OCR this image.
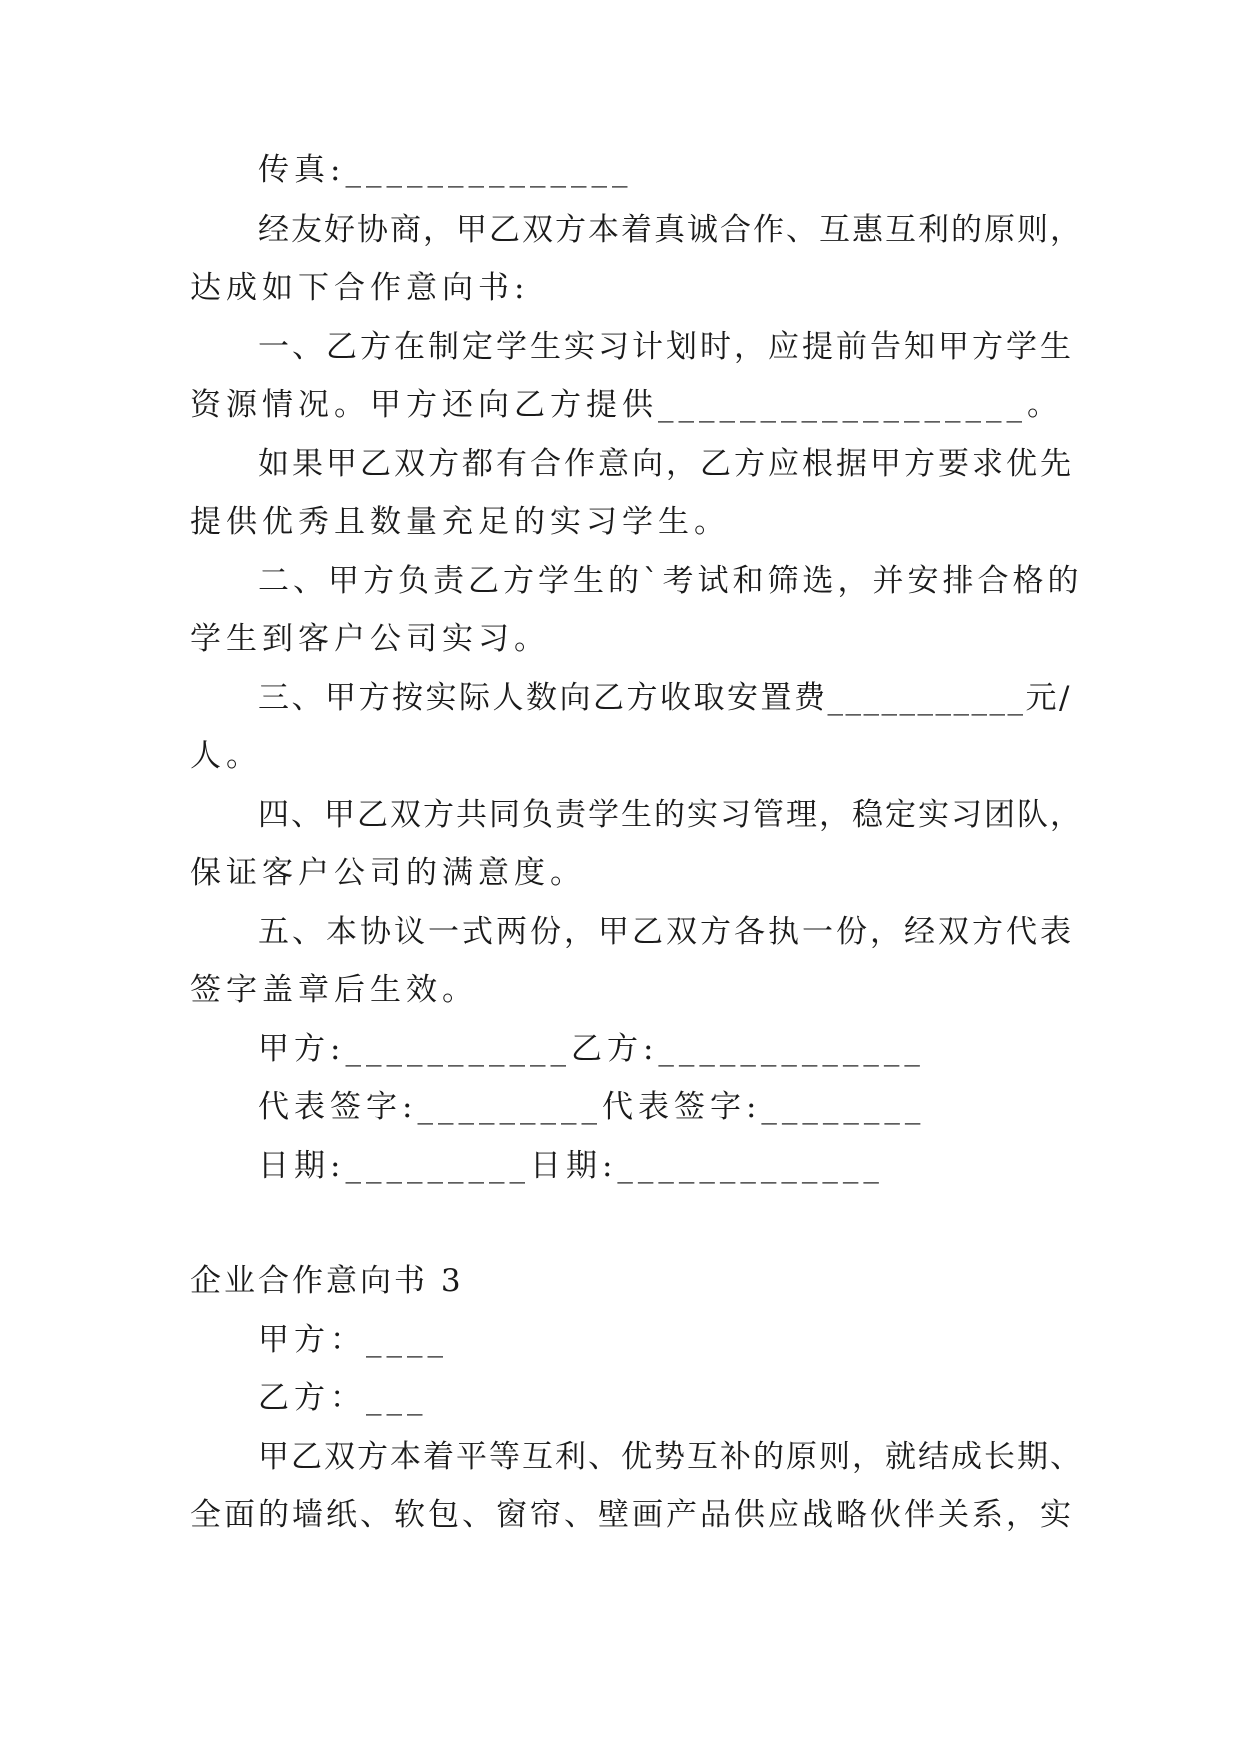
传真:______________
经友好协商，甲乙双方本着真诚合作、互惠互利的原则，
达成如下合作意向书:
一、乙方在制定学生实习计划时，应提前告知甲方学生
资源情况。甲方还向乙方提供__________________。
如果甲乙双方都有合作意向，乙方应根据甲方要求优先
提供优秀且数量充足的实习学生。
二、甲方负责乙方学生的`考试和筛选，并安排合格的
学生到客户公司实习。
三、甲方按实际人数向乙方收取安置费___________元/
人。
四、甲乙双方共同负责学生的实习管理，稳定实习团队，
保证客户公司的满意度。
五、本协议一式两份，甲乙双方各执一份，经双方代表
签字盖章后生效。
甲方:___________乙方:_____________
代表签字:_________代表签字:________
日期:_________日期:_____________
企业合作意向书 3
甲方：____
乙方：___
甲乙双方本着平等互利、优势互补的原则，就结成长期、
全面的墙纸、软包、窗帘、壁画产品供应战略伙伴关系，实
